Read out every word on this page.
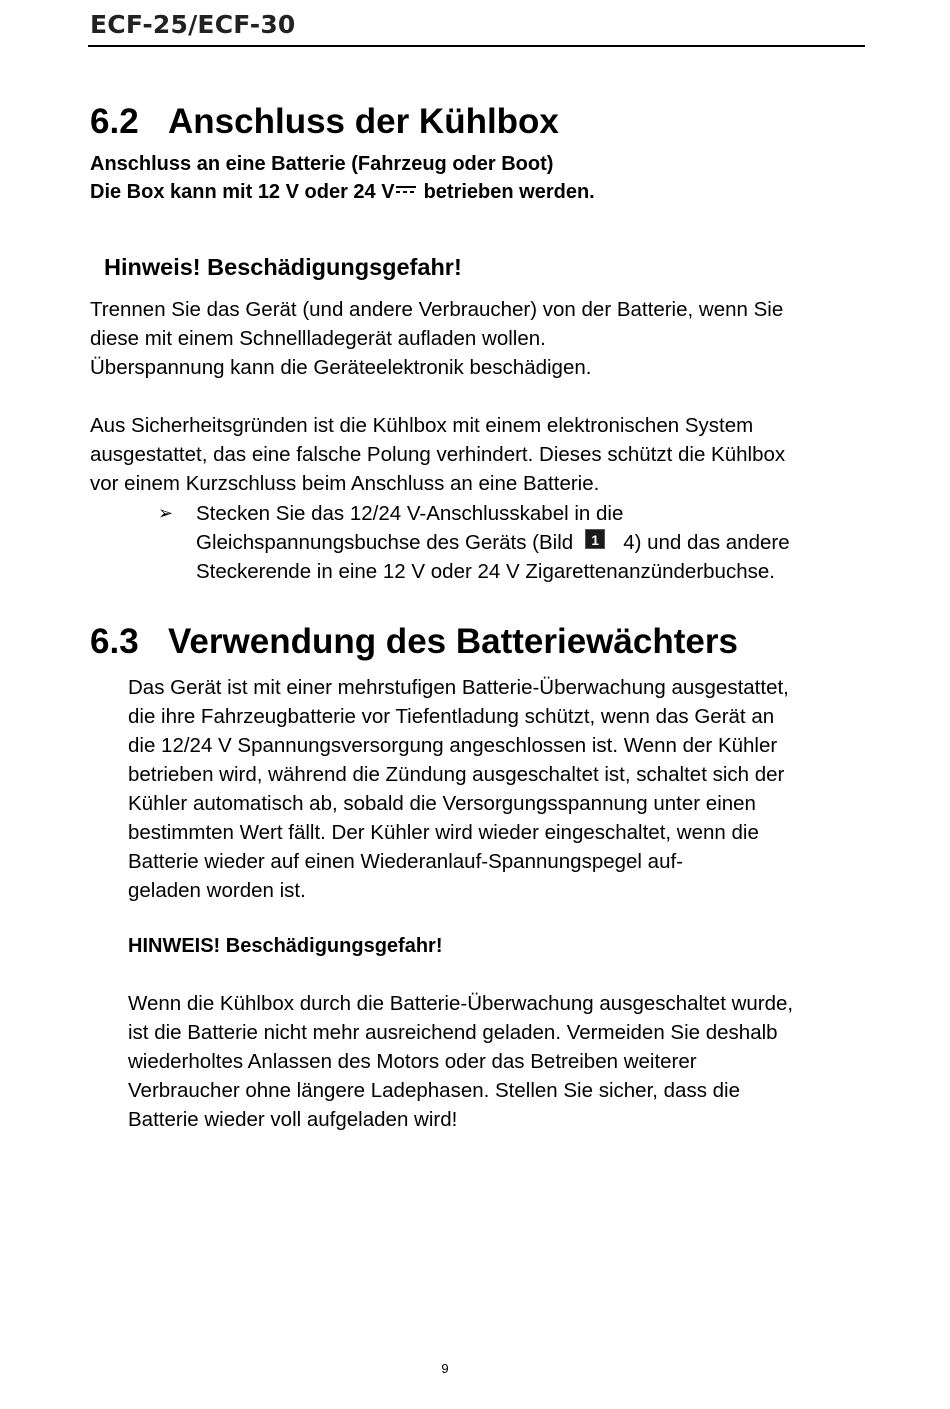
ECF-25/ECF-30
6.2 Anschluss der Kühlbox
Anschluss an eine Batterie (Fahrzeug oder Boot)
Die Box kann mit 12 V oder 24 V betrieben werden.
Hinweis! Beschädigungsgefahr!
Trennen Sie das Gerät (und andere Verbraucher) von der Batterie, wenn Sie
diese mit einem Schnellladegerät aufladen wollen.
Überspannung kann die Geräteelektronik beschädigen.
Aus Sicherheitsgründen ist die Kühlbox mit einem elektronischen System
ausgestattet, das eine falsche Polung verhindert. Dieses schützt die Kühlbox
vor einem Kurzschluss beim Anschluss an eine Batterie.
➢ Stecken Sie das 12/24 V-Anschlusskabel in die
Gleichspannungsbuchse des Geräts (Bild 1 4) und das andere
Steckerende in eine 12 V oder 24 V Zigarettenanzünderbuchse.
6.3 Verwendung des Batteriewächters
Das Gerät ist mit einer mehrstufigen Batterie-Überwachung ausgestattet,
die ihre Fahrzeugbatterie vor Tiefentladung schützt, wenn das Gerät an
die 12/24 V Spannungsversorgung angeschlossen ist. Wenn der Kühler
betrieben wird, während die Zündung ausgeschaltet ist, schaltet sich der
Kühler automatisch ab, sobald die Versorgungsspannung unter einen
bestimmten Wert fällt. Der Kühler wird wieder eingeschaltet, wenn die
Batterie wieder auf einen Wiederanlauf-Spannungspegel auf-
geladen worden ist.
HINWEIS! Beschädigungsgefahr!
Wenn die Kühlbox durch die Batterie-Überwachung ausgeschaltet wurde,
ist die Batterie nicht mehr ausreichend geladen. Vermeiden Sie deshalb
wiederholtes Anlassen des Motors oder das Betreiben weiterer
Verbraucher ohne längere Ladephasen. Stellen Sie sicher, dass die
Batterie wieder voll aufgeladen wird!
9
